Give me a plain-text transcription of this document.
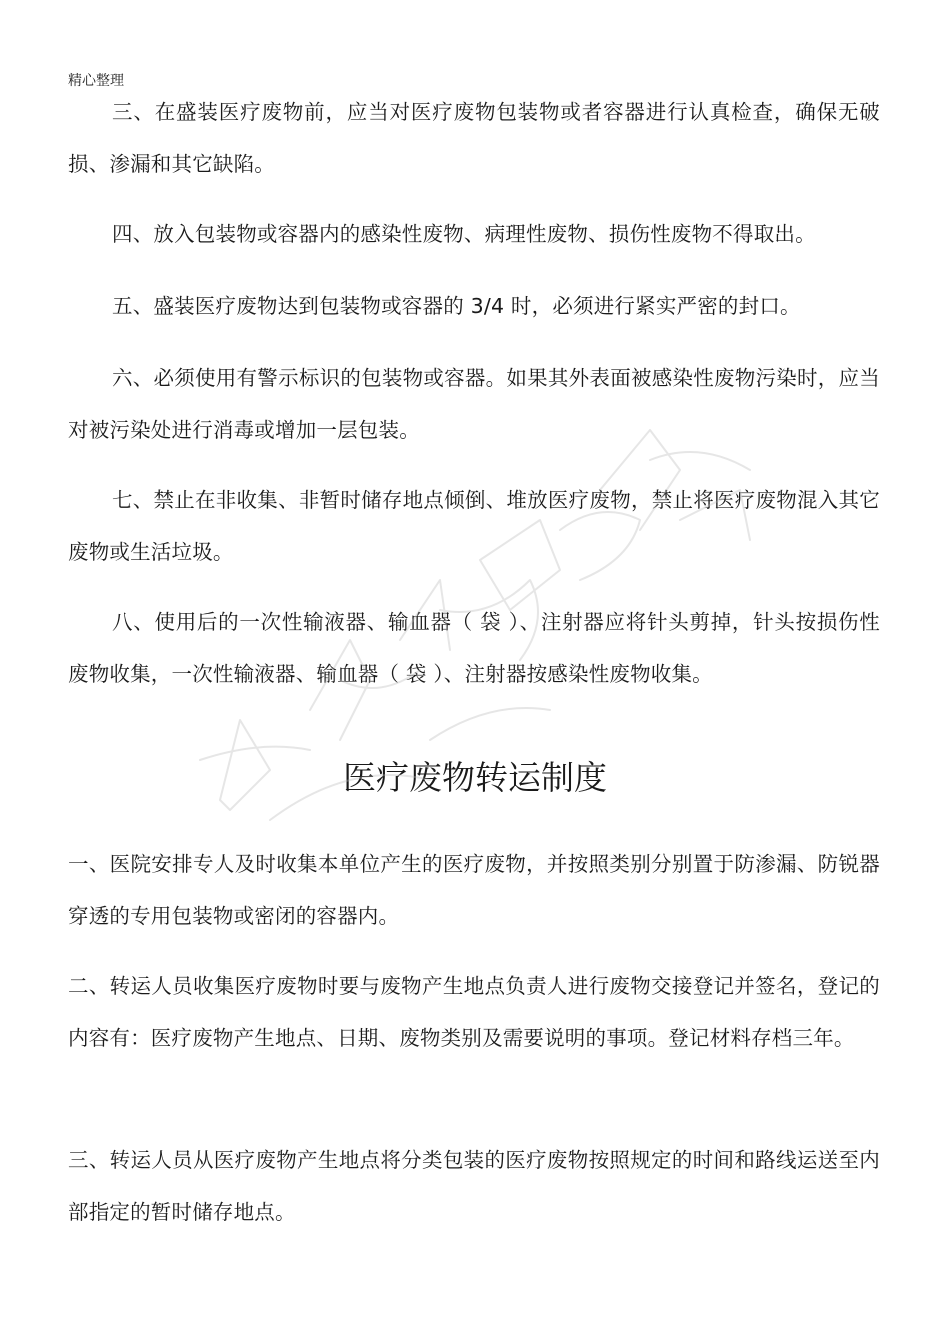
精心整理

三、在盛装医疗废物前，应当对医疗废物包装物或者容器进行认真检查，确保无破损、渗漏和其它缺陷。

四、放入包装物或容器内的感染性废物、病理性废物、损伤性废物不得取出。

五、盛装医疗废物达到包装物或容器的 3/4 时，必须进行紧实严密的封口。

六、必须使用有警示标识的包装物或容器。如果其外表面被感染性废物污染时，应当对被污染处进行消毒或增加一层包装。

七、禁止在非收集、非暂时储存地点倾倒、堆放医疗废物，禁止将医疗废物混入其它废物或生活垃圾。

八、使用后的一次性输液器、输血器（ 袋 ）、注射器应将针头剪掉，针头按损伤性废物收集，一次性输液器、输血器（ 袋 ）、注射器按感染性废物收集。

医疗废物转运制度

一、医院安排专人及时收集本单位产生的医疗废物，并按照类别分别置于防渗漏、防锐器穿透的专用包装物或密闭的容器内。

二、转运人员收集医疗废物时要与废物产生地点负责人进行废物交接登记并签名，登记的内容有：医疗废物产生地点、日期、废物类别及需要说明的事项。登记材料存档三年。

三、转运人员从医疗废物产生地点将分类包装的医疗废物按照规定的时间和路线运送至内部指定的暂时储存地点。
